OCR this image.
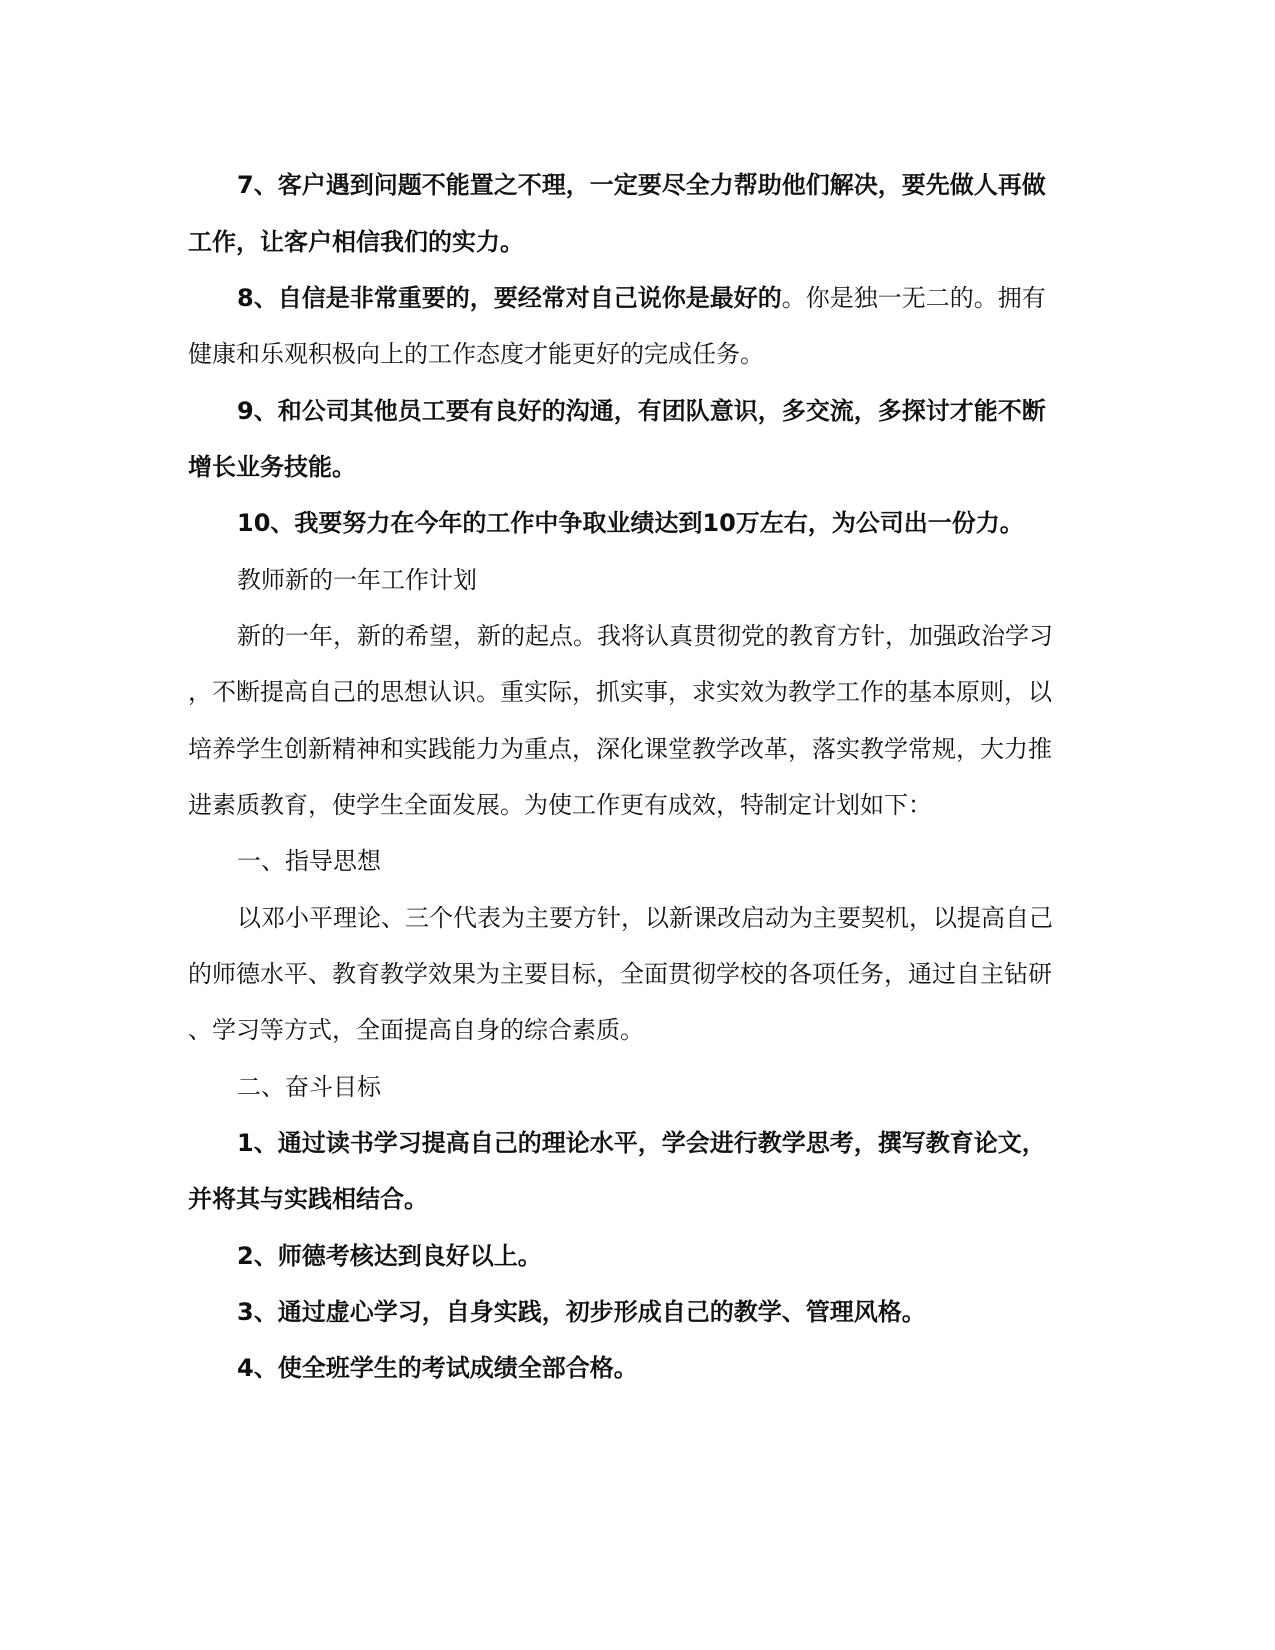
7、客户遇到问题不能置之不理，一定要尽全力帮助他们解决，要先做人再做
工作，让客户相信我们的实力。
8、自信是非常重要的，要经常对自己说你是最好的。你是独一无二的。拥有
健康和乐观积极向上的工作态度才能更好的完成任务。
9、和公司其他员工要有良好的沟通，有团队意识，多交流，多探讨才能不断
增长业务技能。
10、我要努力在今年的工作中争取业绩达到10万左右，为公司出一份力。
教师新的一年工作计划
新的一年，新的希望，新的起点。我将认真贯彻党的教育方针，加强政治学习
，不断提高自己的思想认识。重实际，抓实事，求实效为教学工作的基本原则，以
培养学生创新精神和实践能力为重点，深化课堂教学改革，落实教学常规，大力推
进素质教育，使学生全面发展。为使工作更有成效，特制定计划如下：
一、指导思想
以邓小平理论、三个代表为主要方针，以新课改启动为主要契机，以提高自己
的师德水平、教育教学效果为主要目标，全面贯彻学校的各项任务，通过自主钻研
、学习等方式，全面提高自身的综合素质。
二、奋斗目标
1、通过读书学习提高自己的理论水平，学会进行教学思考，撰写教育论文，
并将其与实践相结合。
2、师德考核达到良好以上。
3、通过虚心学习，自身实践，初步形成自己的教学、管理风格。
4、使全班学生的考试成绩全部合格。
